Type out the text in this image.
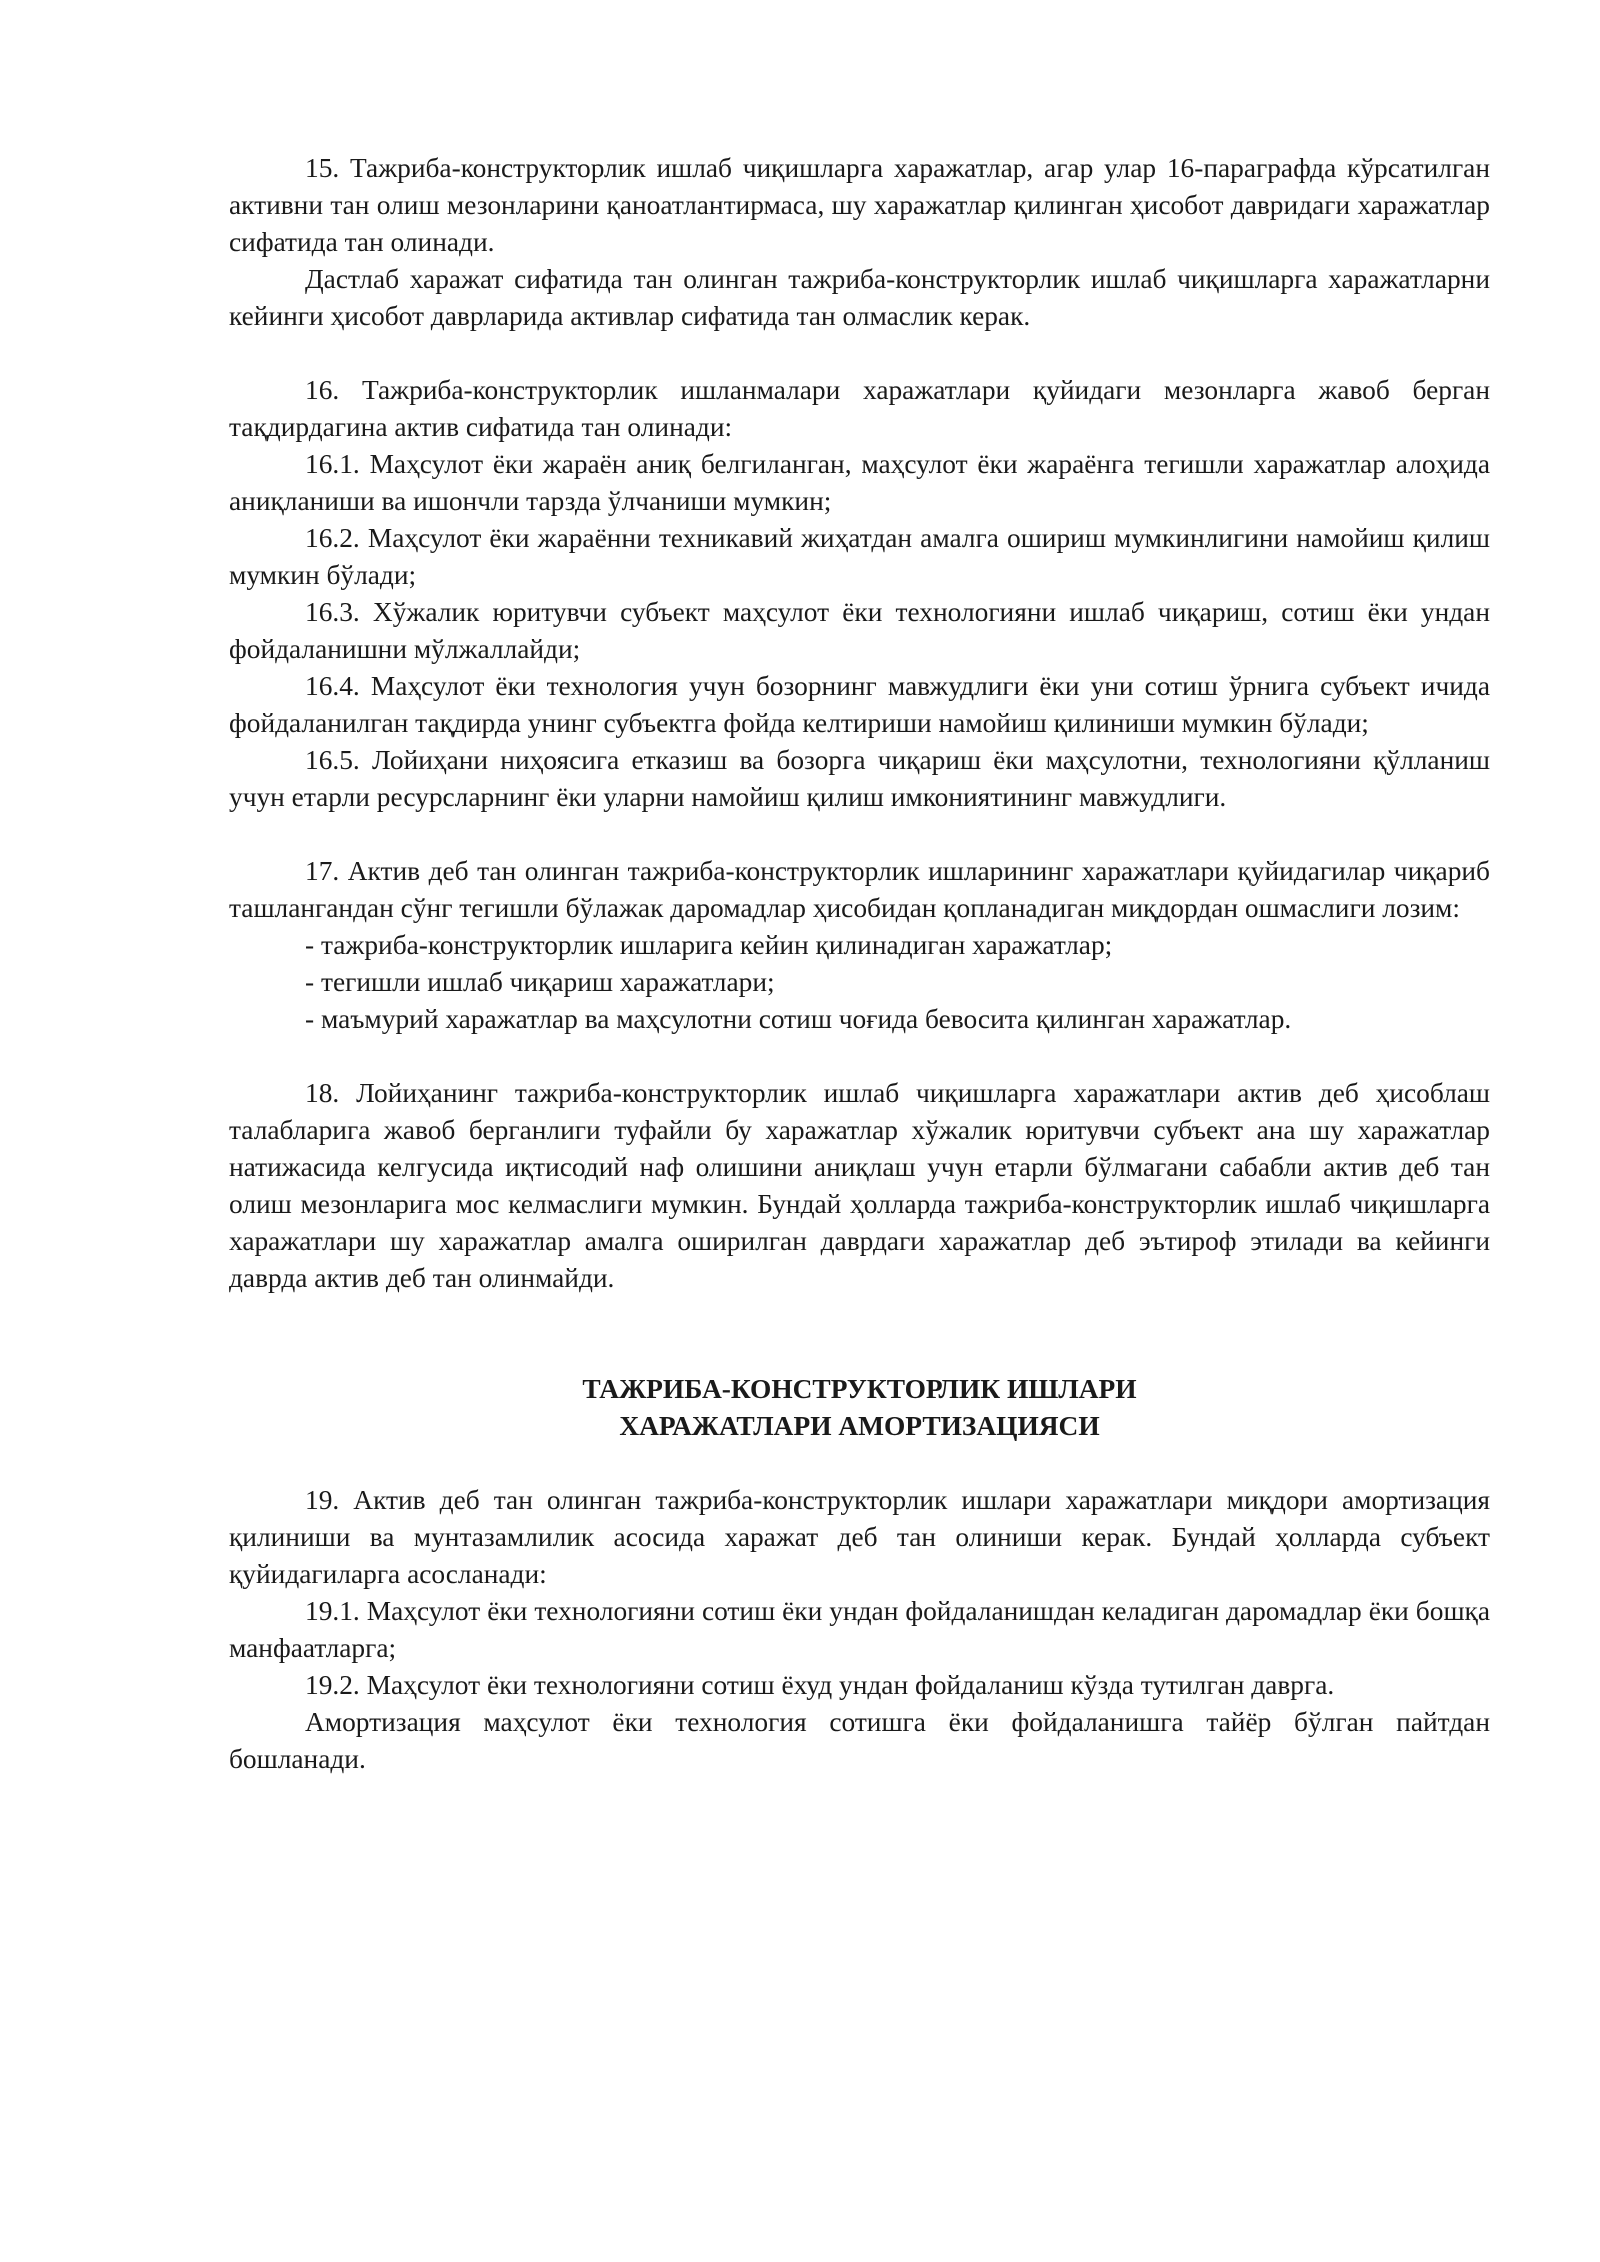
15. Тажриба-конструкторлик ишлаб чиқишларга харажатлар, агар улар 16-параграфда кўрсатилган активни тан олиш мезонларини қаноатлантирмаса, шу харажатлар қилинган ҳисобот давридаги харажатлар сифатида тан олинади.

Дастлаб харажат сифатида тан олинган тажриба-конструкторлик ишлаб чиқишларга харажатларни кейинги ҳисобот даврларида активлар сифатида тан олмаслик керак.

16. Тажриба-конструкторлик ишланмалари харажатлари қуйидаги мезонларга жавоб берган тақдирдагина актив сифатида тан олинади:

16.1. Маҳсулот ёки жараён аниқ белгиланган, маҳсулот ёки жараёнга тегишли харажатлар алоҳида аниқланиши ва ишончли тарзда ўлчаниши мумкин;

16.2. Маҳсулот ёки жараённи техникавий жиҳатдан амалга ошириш мумкинлигини намойиш қилиш мумкин бўлади;

16.3. Хўжалик юритувчи субъект маҳсулот ёки технологияни ишлаб чиқариш, сотиш ёки ундан фойдаланишни мўлжаллайди;

16.4. Маҳсулот ёки технология учун бозорнинг мавжудлиги ёки уни сотиш ўрнига субъект ичида фойдаланилган тақдирда унинг субъектга фойда келтириши намойиш қилиниши мумкин бўлади;

16.5. Лойиҳани ниҳоясига етказиш ва бозорга чиқариш ёки маҳсулотни, технологияни қўлланиш учун етарли ресурсларнинг ёки уларни намойиш қилиш имкониятининг мавжудлиги.

17. Актив деб тан олинган тажриба-конструкторлик ишларининг харажатлари қуйидагилар чиқариб ташлангандан сўнг тегишли бўлажак даромадлар ҳисобидан қопланадиган миқдордан ошмаслиги лозим:

- тажриба-конструкторлик ишларига кейин қилинадиган харажатлар;

- тегишли ишлаб чиқариш харажатлари;

- маъмурий харажатлар ва маҳсулотни сотиш чоғида бевосита қилинган харажатлар.

18. Лойиҳанинг тажриба-конструкторлик ишлаб чиқишларга харажатлари актив деб ҳисоблаш талабларига жавоб берганлиги туфайли бу харажатлар хўжалик юритувчи субъект ана шу харажатлар натижасида келгусида иқтисодий наф олишини аниқлаш учун етарли бўлмагани сабабли актив деб тан олиш мезонларига мос келмаслиги мумкин. Бундай ҳолларда тажриба-конструкторлик ишлаб чиқишларга харажатлари шу харажатлар амалга оширилган даврдаги харажатлар деб эътироф этилади ва кейинги даврда актив деб тан олинмайди.

ТАЖРИБА-КОНСТРУКТОРЛИК ИШЛАРИ

ХАРАЖАТЛАРИ АМОРТИЗАЦИЯСИ

19. Актив деб тан олинган тажриба-конструкторлик ишлари харажатлари миқдори амортизация қилиниши ва мунтазамлилик асосида харажат деб тан олиниши керак. Бундай ҳолларда субъект қуйидагиларга асосланади:

19.1. Маҳсулот ёки технологияни сотиш ёки ундан фойдаланишдан келадиган даромадлар ёки бошқа манфаатларга;

19.2. Маҳсулот ёки технологияни сотиш ёхуд ундан фойдаланиш кўзда тутилган даврга.

Амортизация маҳсулот ёки технология сотишга ёки фойдаланишга тайёр бўлган пайтдан бошланади.
